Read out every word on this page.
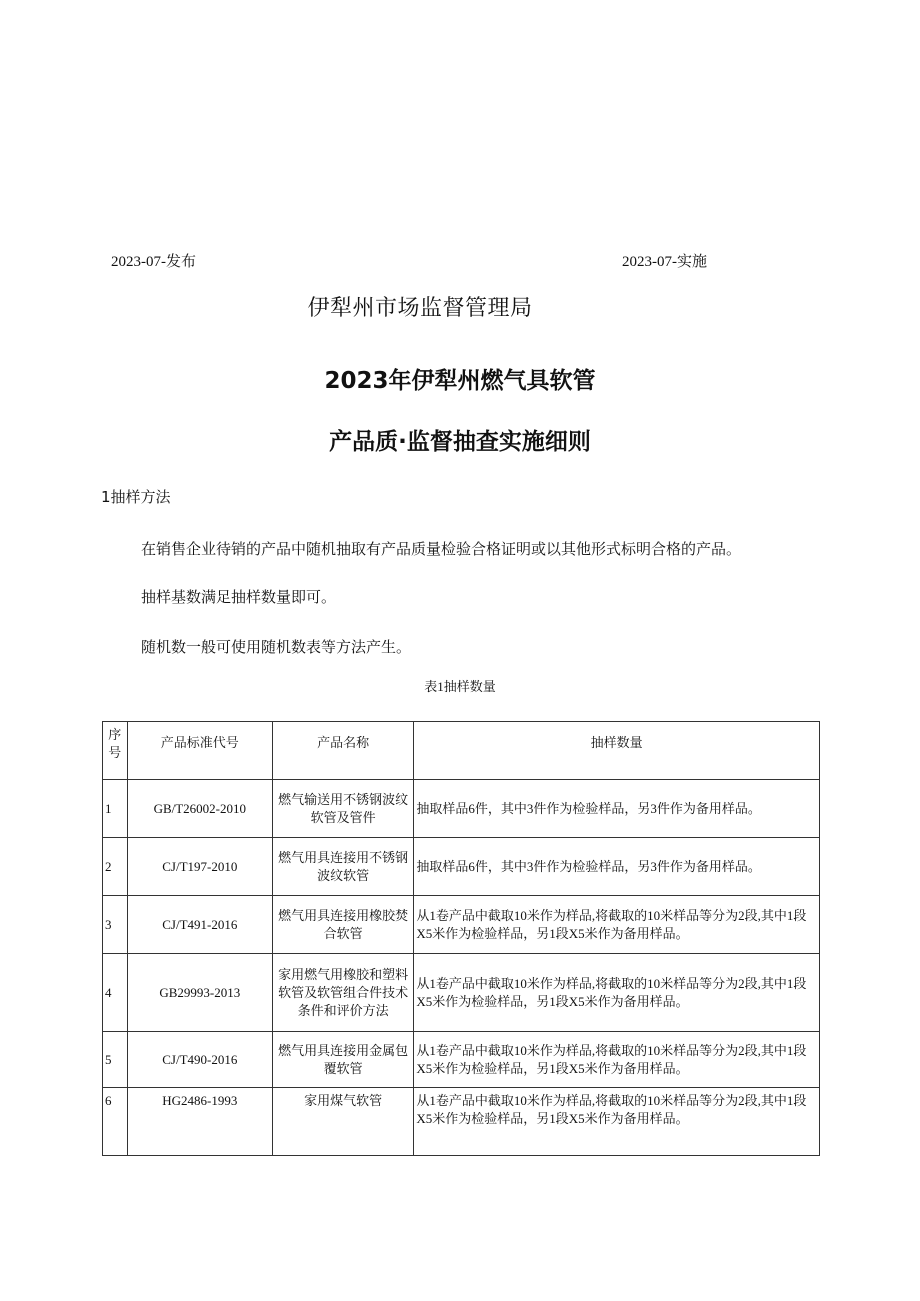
2023-07-发布	2023-07-实施
伊犁州市场监督管理局
2023年伊犁州燃气具软管
产品质·监督抽查实施细则
1抽样方法
在销售企业待销的产品中随机抽取有产品质量检验合格证明或以其他形式标明合格的产品。
抽样基数满足抽样数量即可。
随机数一般可使用随机数表等方法产生。
表1抽样数量
序号	产品标准代号	产品名称	抽样数量
1	GB/T26002-2010	燃气输送用不锈钢波纹软管及管件	抽取样品6件，其中3件作为检验样品，另3件作为备用样品。
2	CJ/T197-2010	燃气用具连接用不锈钢波纹软管	抽取样品6件，其中3件作为检验样品，另3件作为备用样品。
3	CJ/T491-2016	燃气用具连接用橡胶焚合软管	从1卷产品中截取10米作为样品,将截取的10米样品等分为2段,其中1段X5米作为检验样品，另1段X5米作为备用样品。
4	GB29993-2013	家用燃气用橡胶和塑料软管及软管组合件技术条件和评价方法	从1卷产品中截取10米作为样品,将截取的10米样品等分为2段,其中1段X5米作为检验样品，另1段X5米作为备用样品。
5	CJ/T490-2016	燃气用具连接用金属包覆软管	从1卷产品中截取10米作为样品,将截取的10米样品等分为2段,其中1段X5米作为检验样品，另1段X5米作为备用样品。
6	HG2486-1993	家用煤气软管	从1卷产品中截取10米作为样品,将截取的10米样品等分为2段,其中1段X5米作为检验样品，另1段X5米作为备用样品。
